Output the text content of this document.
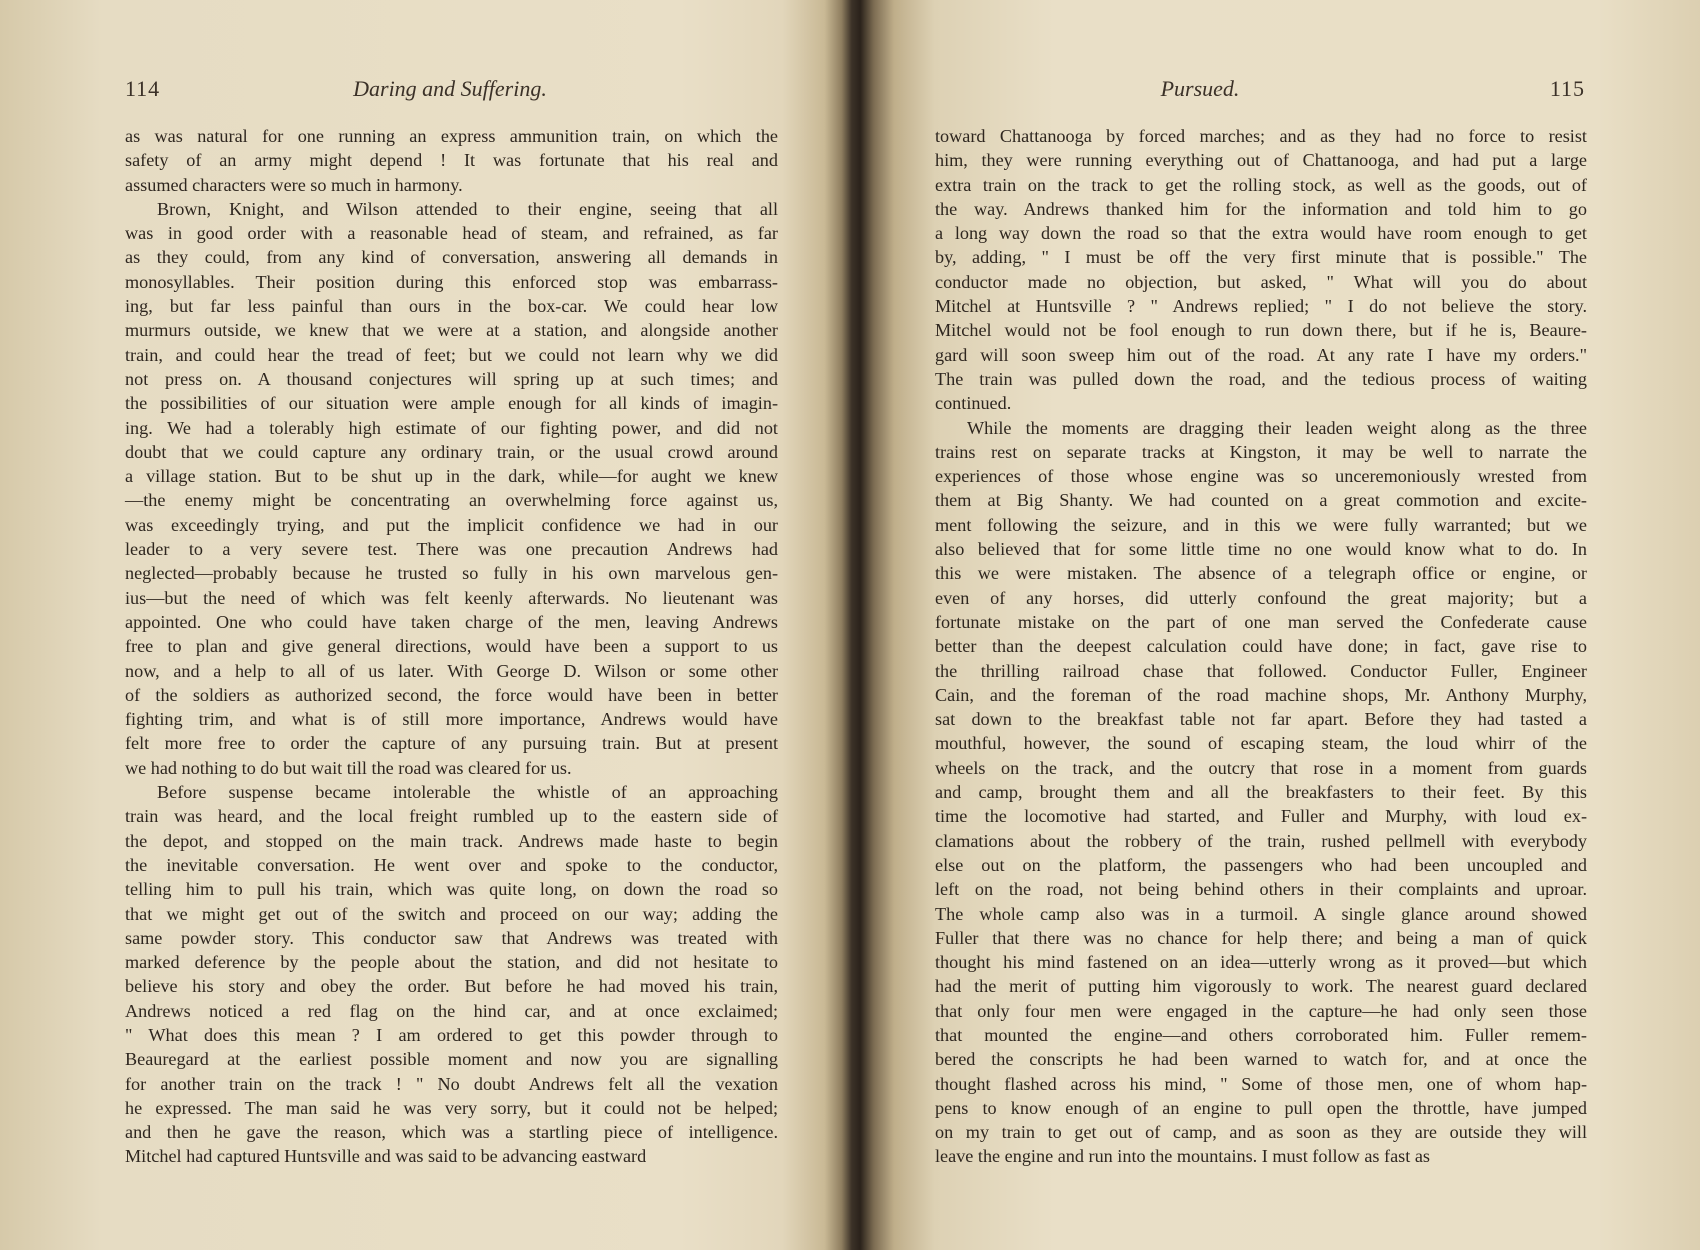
114	Daring and Suffering.
as was natural for one running an express ammunition train, on which the
safety of an army might depend ! It was fortunate that his real and
assumed characters were so much in harmony.
Brown, Knight, and Wilson attended to their engine, seeing that all
was in good order with a reasonable head of steam, and refrained, as far
as they could, from any kind of conversation, answering all demands in
monosyllables. Their position during this enforced stop was embarrass-
ing, but far less painful than ours in the box-car. We could hear low
murmurs outside, we knew that we were at a station, and alongside another
train, and could hear the tread of feet; but we could not learn why we did
not press on. A thousand conjectures will spring up at such times; and
the possibilities of our situation were ample enough for all kinds of imagin-
ing. We had a tolerably high estimate of our fighting power, and did not
doubt that we could capture any ordinary train, or the usual crowd around
a village station. But to be shut up in the dark, while—for aught we knew
—the enemy might be concentrating an overwhelming force against us,
was exceedingly trying, and put the implicit confidence we had in our
leader to a very severe test. There was one precaution Andrews had
neglected—probably because he trusted so fully in his own marvelous gen-
ius—but the need of which was felt keenly afterwards. No lieutenant was
appointed. One who could have taken charge of the men, leaving Andrews
free to plan and give general directions, would have been a support to us
now, and a help to all of us later. With George D. Wilson or some other
of the soldiers as authorized second, the force would have been in better
fighting trim, and what is of still more importance, Andrews would have
felt more free to order the capture of any pursuing train. But at present
we had nothing to do but wait till the road was cleared for us.
Before suspense became intolerable the whistle of an approaching
train was heard, and the local freight rumbled up to the eastern side of
the depot, and stopped on the main track. Andrews made haste to begin
the inevitable conversation. He went over and spoke to the conductor,
telling him to pull his train, which was quite long, on down the road so
that we might get out of the switch and proceed on our way; adding the
same powder story. This conductor saw that Andrews was treated with
marked deference by the people about the station, and did not hesitate to
believe his story and obey the order. But before he had moved his train,
Andrews noticed a red flag on the hind car, and at once exclaimed;
" What does this mean ? I am ordered to get this powder through to
Beauregard at the earliest possible moment and now you are signalling
for another train on the track ! " No doubt Andrews felt all the vexation
he expressed. The man said he was very sorry, but it could not be helped;
and then he gave the reason, which was a startling piece of intelligence.
Mitchel had captured Huntsville and was said to be advancing eastward
Pursued.	115
toward Chattanooga by forced marches; and as they had no force to resist
him, they were running everything out of Chattanooga, and had put a large
extra train on the track to get the rolling stock, as well as the goods, out of
the way. Andrews thanked him for the information and told him to go
a long way down the road so that the extra would have room enough to get
by, adding, " I must be off the very first minute that is possible." The
conductor made no objection, but asked, " What will you do about
Mitchel at Huntsville ? " Andrews replied; " I do not believe the story.
Mitchel would not be fool enough to run down there, but if he is, Beaure-
gard will soon sweep him out of the road. At any rate I have my orders."
The train was pulled down the road, and the tedious process of waiting
continued.
While the moments are dragging their leaden weight along as the three
trains rest on separate tracks at Kingston, it may be well to narrate the
experiences of those whose engine was so unceremoniously wrested from
them at Big Shanty. We had counted on a great commotion and excite-
ment following the seizure, and in this we were fully warranted; but we
also believed that for some little time no one would know what to do. In
this we were mistaken. The absence of a telegraph office or engine, or
even of any horses, did utterly confound the great majority; but a
fortunate mistake on the part of one man served the Confederate cause
better than the deepest calculation could have done; in fact, gave rise to
the thrilling railroad chase that followed. Conductor Fuller, Engineer
Cain, and the foreman of the road machine shops, Mr. Anthony Murphy,
sat down to the breakfast table not far apart. Before they had tasted a
mouthful, however, the sound of escaping steam, the loud whirr of the
wheels on the track, and the outcry that rose in a moment from guards
and camp, brought them and all the breakfasters to their feet. By this
time the locomotive had started, and Fuller and Murphy, with loud ex-
clamations about the robbery of the train, rushed pellmell with everybody
else out on the platform, the passengers who had been uncoupled and
left on the road, not being behind others in their complaints and uproar.
The whole camp also was in a turmoil. A single glance around showed
Fuller that there was no chance for help there; and being a man of quick
thought his mind fastened on an idea—utterly wrong as it proved—but which
had the merit of putting him vigorously to work. The nearest guard declared
that only four men were engaged in the capture—he had only seen those
that mounted the engine—and others corroborated him. Fuller remem-
bered the conscripts he had been warned to watch for, and at once the
thought flashed across his mind, " Some of those men, one of whom hap-
pens to know enough of an engine to pull open the throttle, have jumped
on my train to get out of camp, and as soon as they are outside they will
leave the engine and run into the mountains. I must follow as fast as
